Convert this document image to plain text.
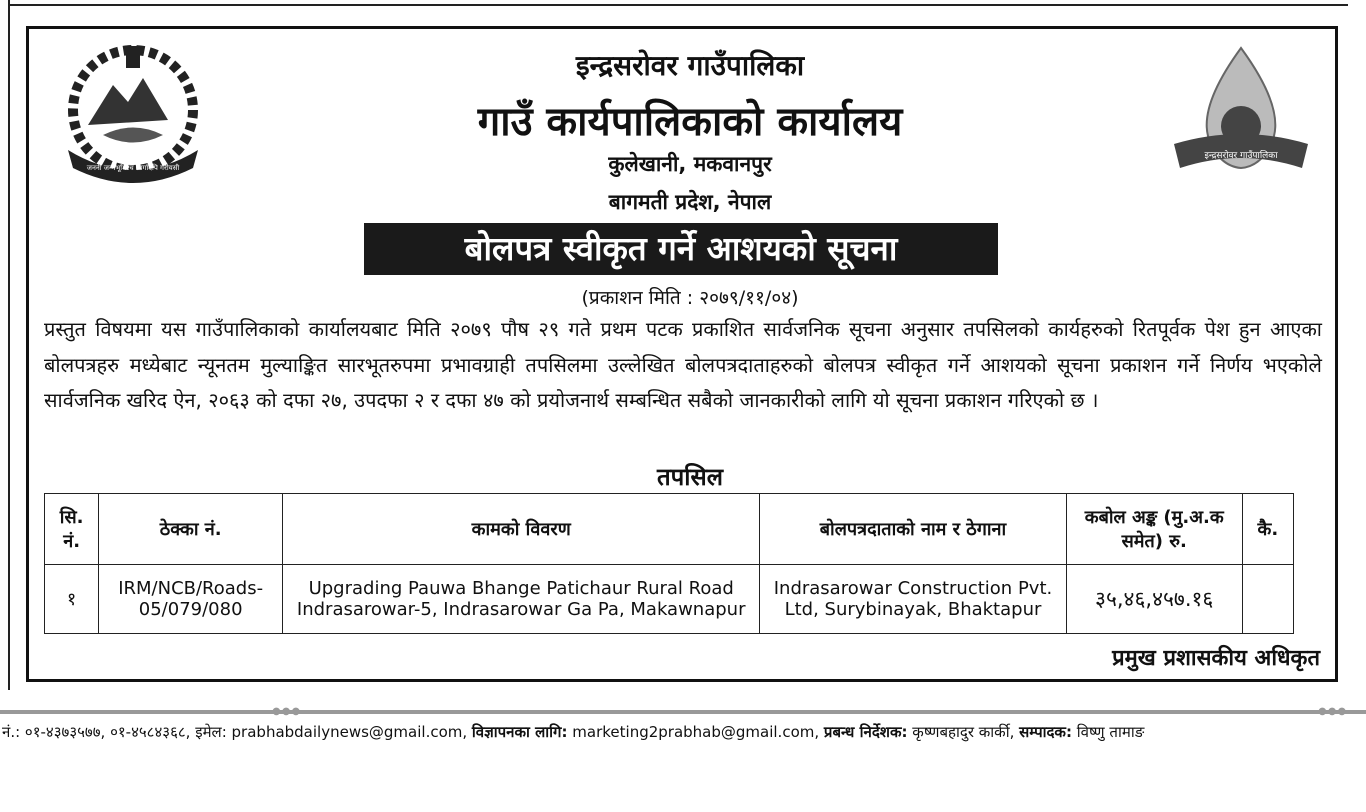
जननी जन्मभूमिश्च स्वर्गादपि गरीयसी
इन्द्रसरोवर गाउँपालिका
इन्द्रसरोवर गाउँपालिका
गाउँ कार्यपालिकाको कार्यालय
कुलेखानी, मकवानपुर
बागमती प्रदेश, नेपाल
बोलपत्र स्वीकृत गर्ने आशयको सूचना
(प्रकाशन मिति : २०७९/११/०४)

प्रस्तुत विषयमा यस गाउँपालिकाको कार्यालयबाट मिति २०७९ पौष २९ गते प्रथम पटक प्रकाशित सार्वजनिक सूचना अनुसार तपसिलको कार्यहरुको रितपूर्वक पेश हुन आएका बोलपत्रहरु मध्येबाट न्यूनतम मुल्याङ्कित सारभूतरुपमा प्रभावग्राही तपसिलमा उल्लेखित बोलपत्रदाताहरुको बोलपत्र स्वीकृत गर्ने आशयको सूचना प्रकाशन गर्ने निर्णय भएकोले सार्वजनिक खरिद ऐन, २०६३ को दफा २७, उपदफा २ र दफा ४७ को प्रयोजनार्थ सम्बन्धित सबैको जानकारीको लागि यो सूचना प्रकाशन गरिएको छ ।

तपसिल
सि. नं.	ठेक्का नं.	कामको विवरण	बोलपत्रदाताको नाम र ठेगाना	कबोल अङ्क (मु.अ.क समेत) रु.	कै.
१	IRM/NCB/Roads-05/079/080	Upgrading Pauwa Bhange Patichaur Rural Road Indrasarowar-5, Indrasarowar Ga Pa, Makawnapur	Indrasarowar Construction Pvt. Ltd, Surybinayak, Bhaktapur	३५,४६,४५७.१६	
प्रमुख प्रशासकीय अधिकृत
●●●	●●●
नं.: ०१-४३७३५७७, ०१-४५८४३६८, इमेल: prabhabdailynews@gmail.com, विज्ञापनका लागि: marketing2prabhab@gmail.com, प्रबन्ध निर्देशक: कृष्णबहादुर कार्की, सम्पादक: विष्णु तामाङ
